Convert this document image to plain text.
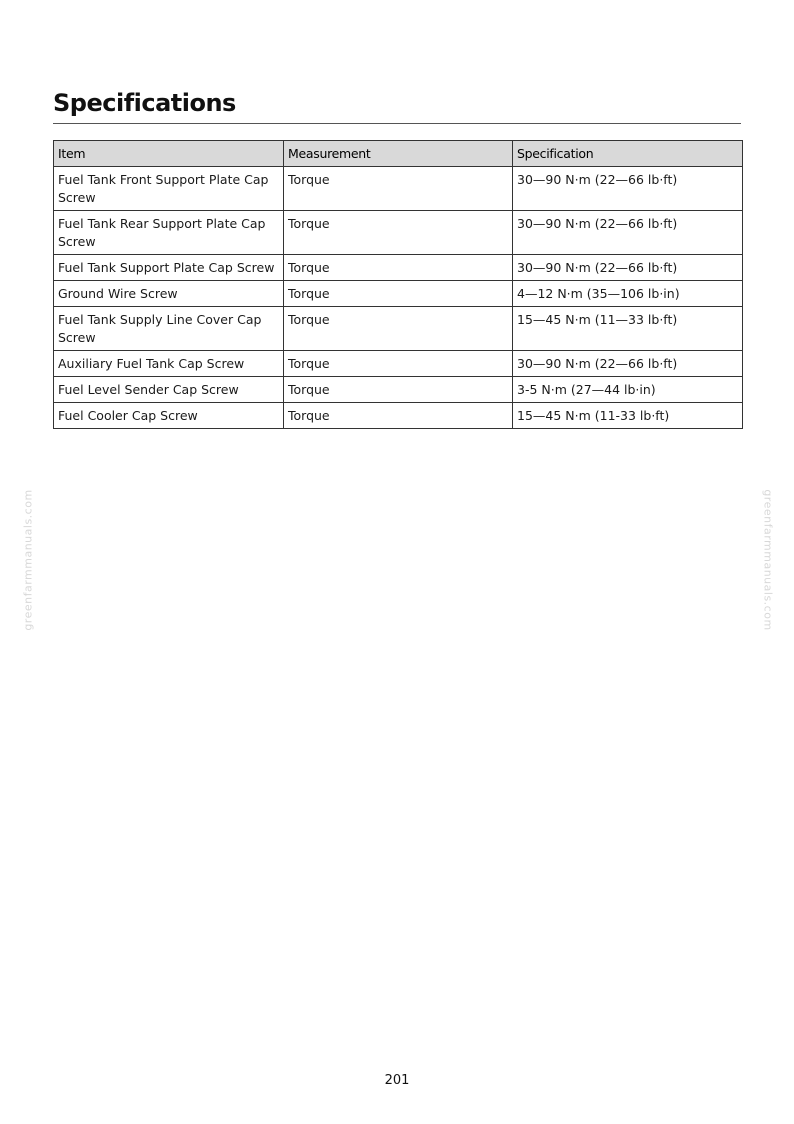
Specifications
Item	Measurement	Specification
Fuel Tank Front Support Plate Cap Screw	Torque	30—90 N·m (22—66 lb·ft)
Fuel Tank Rear Support Plate Cap Screw	Torque	30—90 N·m (22—66 lb·ft)
Fuel Tank Support Plate Cap Screw	Torque	30—90 N·m (22—66 lb·ft)
Ground Wire Screw	Torque	4—12 N·m (35—106 lb·in)
Fuel Tank Supply Line Cover Cap Screw	Torque	15—45 N·m (11—33 lb·ft)
Auxiliary Fuel Tank Cap Screw	Torque	30—90 N·m (22—66 lb·ft)
Fuel Level Sender Cap Screw	Torque	3-5 N·m (27—44 lb·in)
Fuel Cooler Cap Screw	Torque	15—45 N·m (11-33 lb·ft)
greenfarmmanuals.com	greenfarmmanuals.com
201
